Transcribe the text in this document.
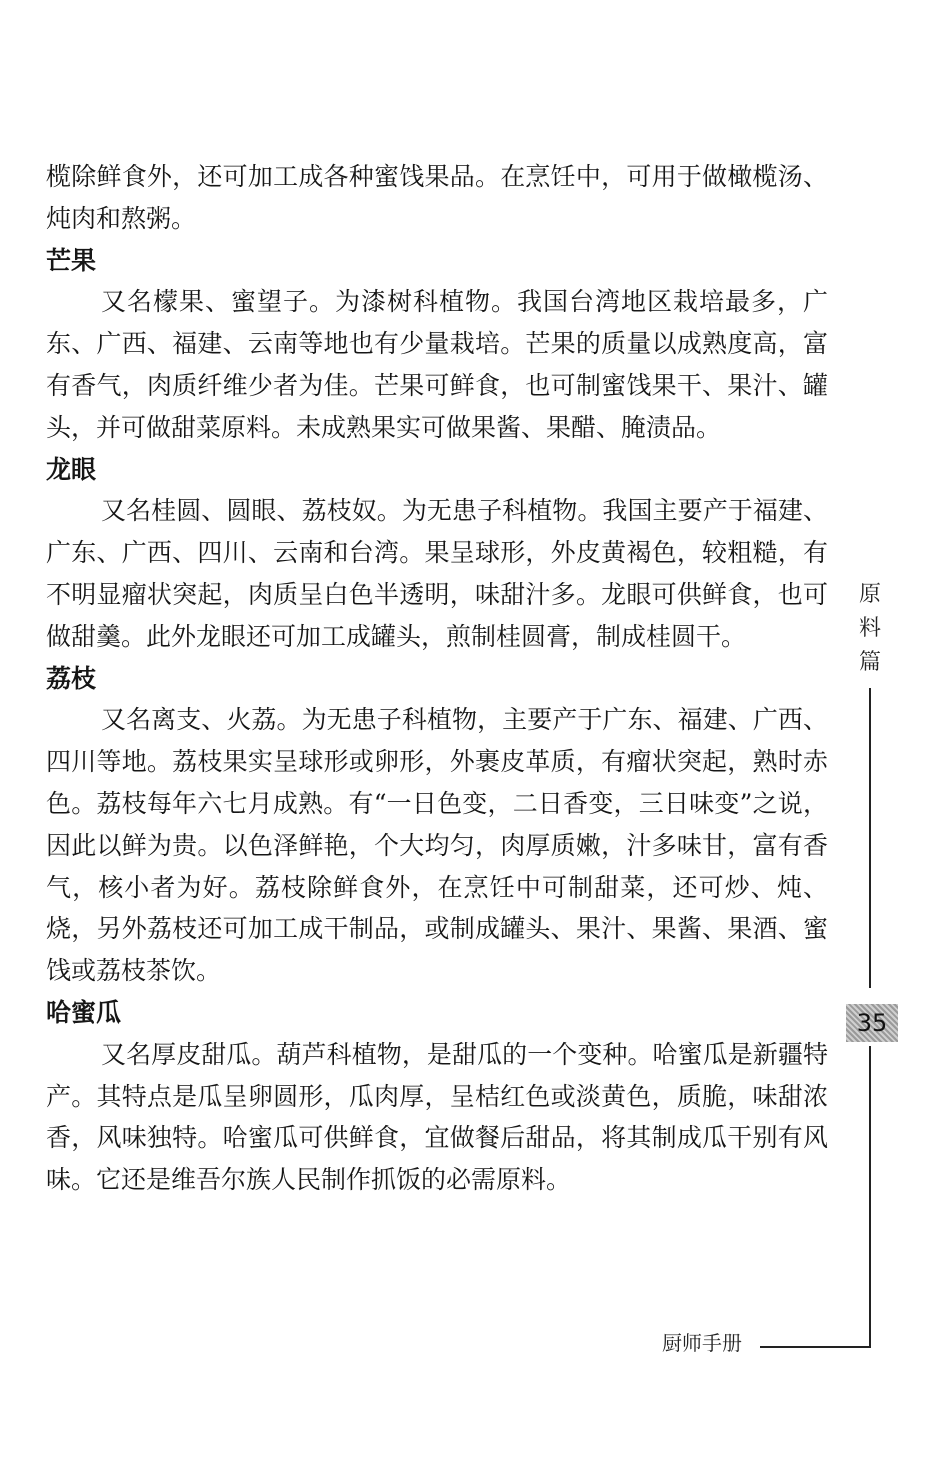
榄除鲜食外，还可加工成各种蜜饯果品。在烹饪中，可用于做橄榄汤、炖肉和熬粥。

芒果

又名檬果、蜜望子。为漆树科植物。我国台湾地区栽培最多，广东、广西、福建、云南等地也有少量栽培。芒果的质量以成熟度高，富有香气，肉质纤维少者为佳。芒果可鲜食，也可制蜜饯果干、果汁、罐头，并可做甜菜原料。未成熟果实可做果酱、果醋、腌渍品。

龙眼

又名桂圆、圆眼、荔枝奴。为无患子科植物。我国主要产于福建、广东、广西、四川、云南和台湾。果呈球形，外皮黄褐色，较粗糙，有不明显瘤状突起，肉质呈白色半透明，味甜汁多。龙眼可供鲜食，也可做甜羹。此外龙眼还可加工成罐头，煎制桂圆膏，制成桂圆干。

荔枝

又名离支、火荔。为无患子科植物，主要产于广东、福建、广西、四川等地。荔枝果实呈球形或卵形，外裹皮革质，有瘤状突起，熟时赤色。荔枝每年六七月成熟。有“一日色变，二日香变，三日味变”之说，因此以鲜为贵。以色泽鲜艳，个大均匀，肉厚质嫩，汁多味甘，富有香气，核小者为好。荔枝除鲜食外，在烹饪中可制甜菜，还可炒、炖、烧，另外荔枝还可加工成干制品，或制成罐头、果汁、果酱、果酒、蜜饯或荔枝茶饮。

哈蜜瓜

又名厚皮甜瓜。葫芦科植物，是甜瓜的一个变种。哈蜜瓜是新疆特产。其特点是瓜呈卵圆形，瓜肉厚，呈桔红色或淡黄色，质脆，味甜浓香，风味独特。哈蜜瓜可供鲜食，宜做餐后甜品，将其制成瓜干别有风味。它还是维吾尔族人民制作抓饭的必需原料。

原
料
篇
35
厨师手册
